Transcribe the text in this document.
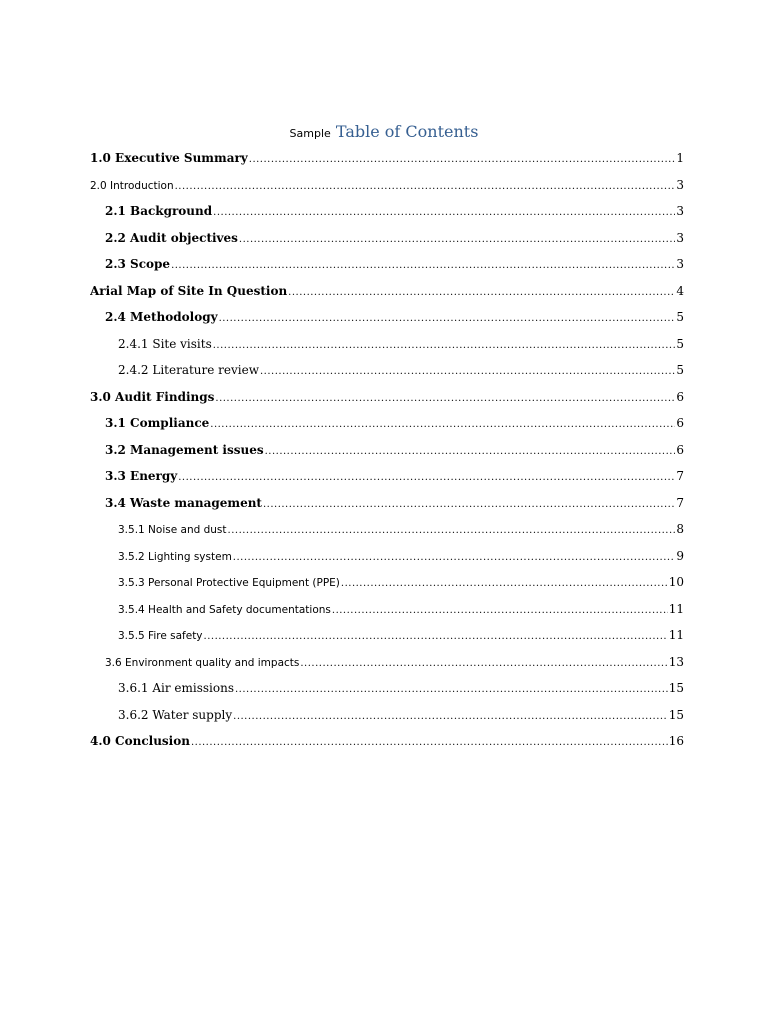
Sample Table of Contents
1.0 Executive Summary .....	1
2.0 Introduction .....	3
2.1 Background .....	3
2.2 Audit objectives .....	3
2.3 Scope .....	3
Arial Map of Site In Question .....	4
2.4 Methodology .....	5
2.4.1 Site visits .....	5
2.4.2 Literature review .....	5
3.0 Audit Findings .....	6
3.1 Compliance .....	6
3.2 Management issues .....	6
3.3 Energy .....	7
3.4 Waste management .....	7
3.5.1 Noise and dust .....	8
3.5.2 Lighting system .....	9
3.5.3 Personal Protective Equipment (PPE) .....	10
3.5.4 Health and Safety documentations .....	11
3.5.5 Fire safety .....	11
3.6 Environment quality and impacts .....	13
3.6.1 Air emissions .....	15
3.6.2 Water supply .....	15
4.0 Conclusion .....	16
